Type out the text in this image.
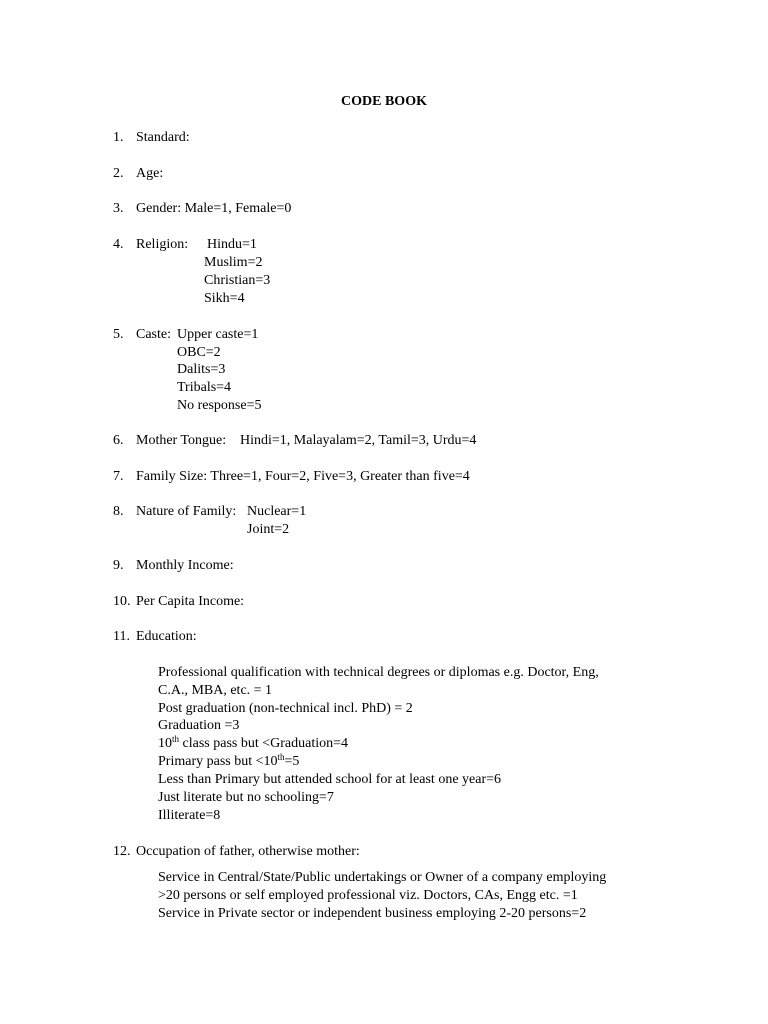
CODE BOOK
1. Standard:
2. Age:
3. Gender: Male=1, Female=0
4. Religion: Hindu=1
Muslim=2
Christian=3
Sikh=4
5. Caste: Upper caste=1
OBC=2
Dalits=3
Tribals=4
No response=5
6. Mother Tongue: Hindi=1, Malayalam=2, Tamil=3, Urdu=4
7. Family Size: Three=1, Four=2, Five=3, Greater than five=4
8. Nature of Family: Nuclear=1
Joint=2
9. Monthly Income:
10. Per Capita Income:
11. Education:
Professional qualification with technical degrees or diplomas e.g. Doctor, Eng,
C.A., MBA, etc. = 1
Post graduation (non-technical incl. PhD) = 2
Graduation =3
10th class pass but <Graduation=4
Primary pass but <10th=5
Less than Primary but attended school for at least one year=6
Just literate but no schooling=7
Illiterate=8
12. Occupation of father, otherwise mother:
Service in Central/State/Public undertakings or Owner of a company employing
>20 persons or self employed professional viz. Doctors, CAs, Engg etc. =1
Service in Private sector or independent business employing 2-20 persons=2
